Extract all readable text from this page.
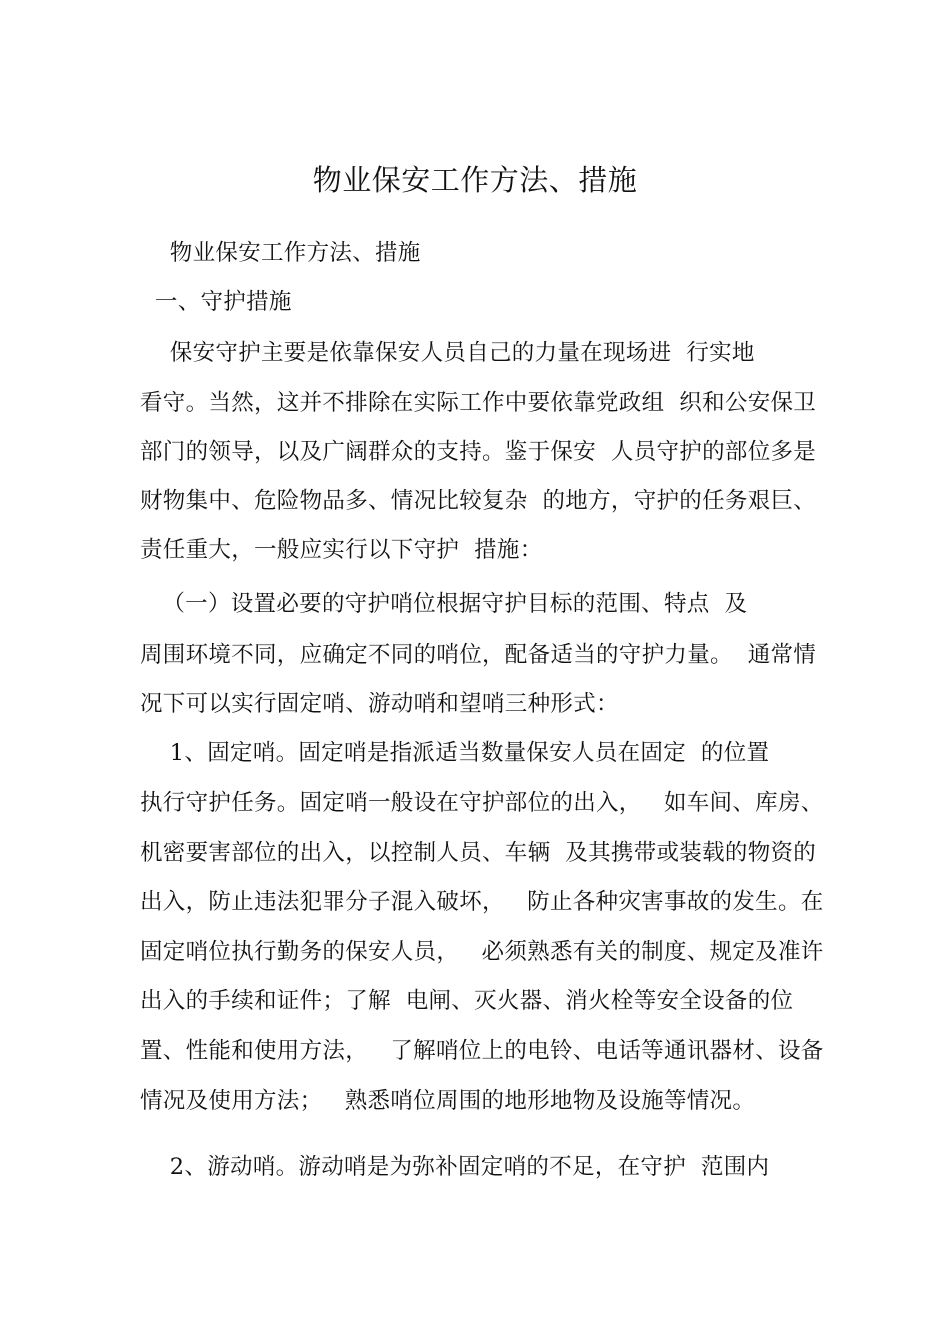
物业保安工作方法、措施
物业保安工作方法、措施
一、守护措施
保安守护主要是依靠保安人员自己的力量在现场进  行实地
看守。当然，这并不排除在实际工作中要依靠党政组  织和公安保卫
部门的领导，以及广阔群众的支持。鉴于保安  人员守护的部位多是
财物集中、危险物品多、情况比较复杂  的地方，守护的任务艰巨、
责任重大，一般应实行以下守护  措施：
（一）设置必要的守护哨位根据守护目标的范围、特点  及
周围环境不同，应确定不同的哨位，配备适当的守护力量。  通常情
况下可以实行固定哨、游动哨和望哨三种形式：
1、固定哨。固定哨是指派适当数量保安人员在固定  的位置
执行守护任务。固定哨一般设在守护部位的出入，   如车间、库房、
机密要害部位的出入，以控制人员、车辆  及其携带或装载的物资的
出入，防止违法犯罪分子混入破坏，   防止各种灾害事故的发生。在
固定哨位执行勤务的保安人员，   必须熟悉有关的制度、规定及准许
出入的手续和证件；了解  电闸、灭火器、消火栓等安全设备的位
置、性能和使用方法，   了解哨位上的电铃、电话等通讯器材、设备
情况及使用方法；   熟悉哨位周围的地形地物及设施等情况。
2、游动哨。游动哨是为弥补固定哨的不足，在守护  范围内
